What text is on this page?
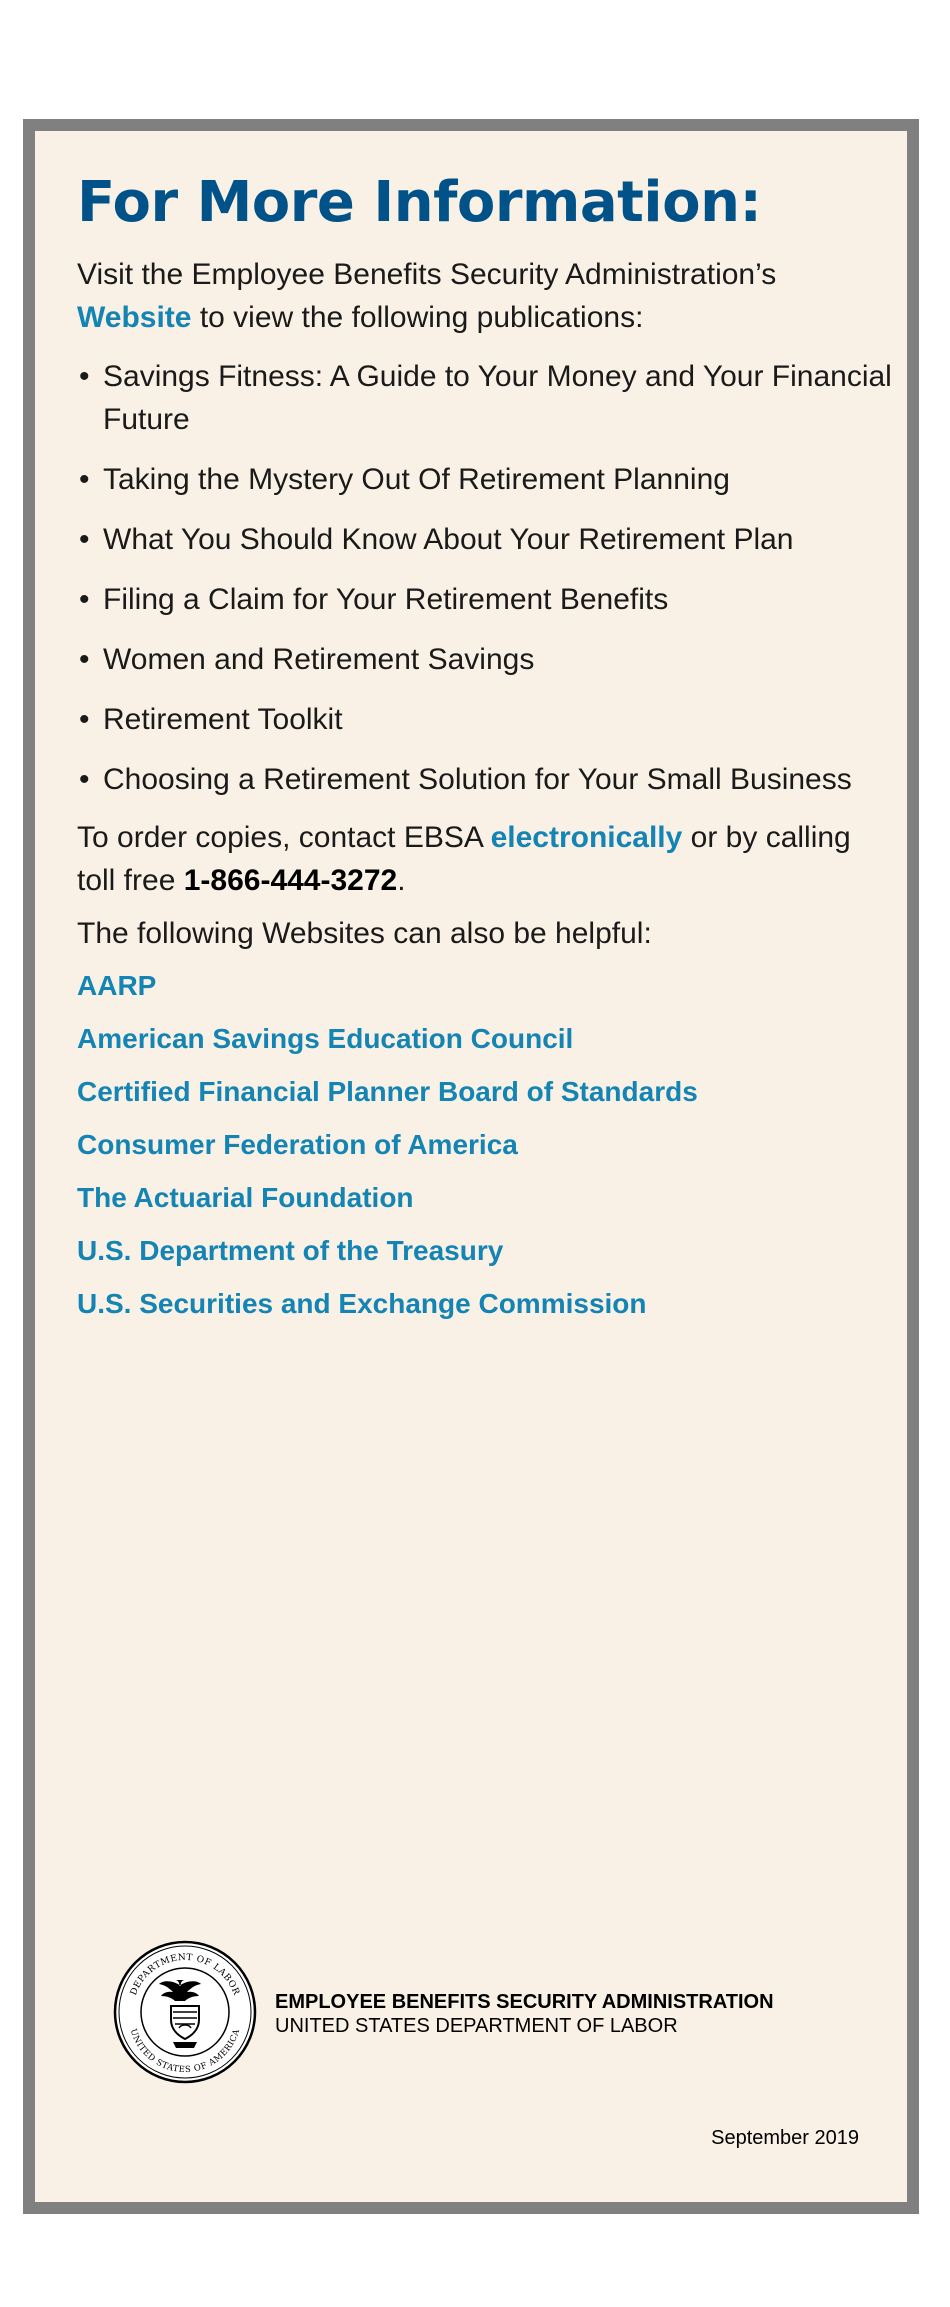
For More Information:

Visit the Employee Benefits Security Administration’s
Website to view the following publications:

• Savings Fitness: A Guide to Your Money and Your Financial Future
• Taking the Mystery Out Of Retirement Planning
• What You Should Know About Your Retirement Plan
• Filing a Claim for Your Retirement Benefits
• Women and Retirement Savings
• Retirement Toolkit
• Choosing a Retirement Solution for Your Small Business

To order copies, contact EBSA electronically or by calling toll free 1-866-444-3272.

The following Websites can also be helpful:

AARP
American Savings Education Council
Certified Financial Planner Board of Standards
Consumer Federation of America
The Actuarial Foundation
U.S. Department of the Treasury
U.S. Securities and Exchange Commission
DEPARTMENT OF LABOR
UNITED STATES OF AMERICA
EMPLOYEE BENEFITS SECURITY ADMINISTRATION
UNITED STATES DEPARTMENT OF LABOR
September 2019
